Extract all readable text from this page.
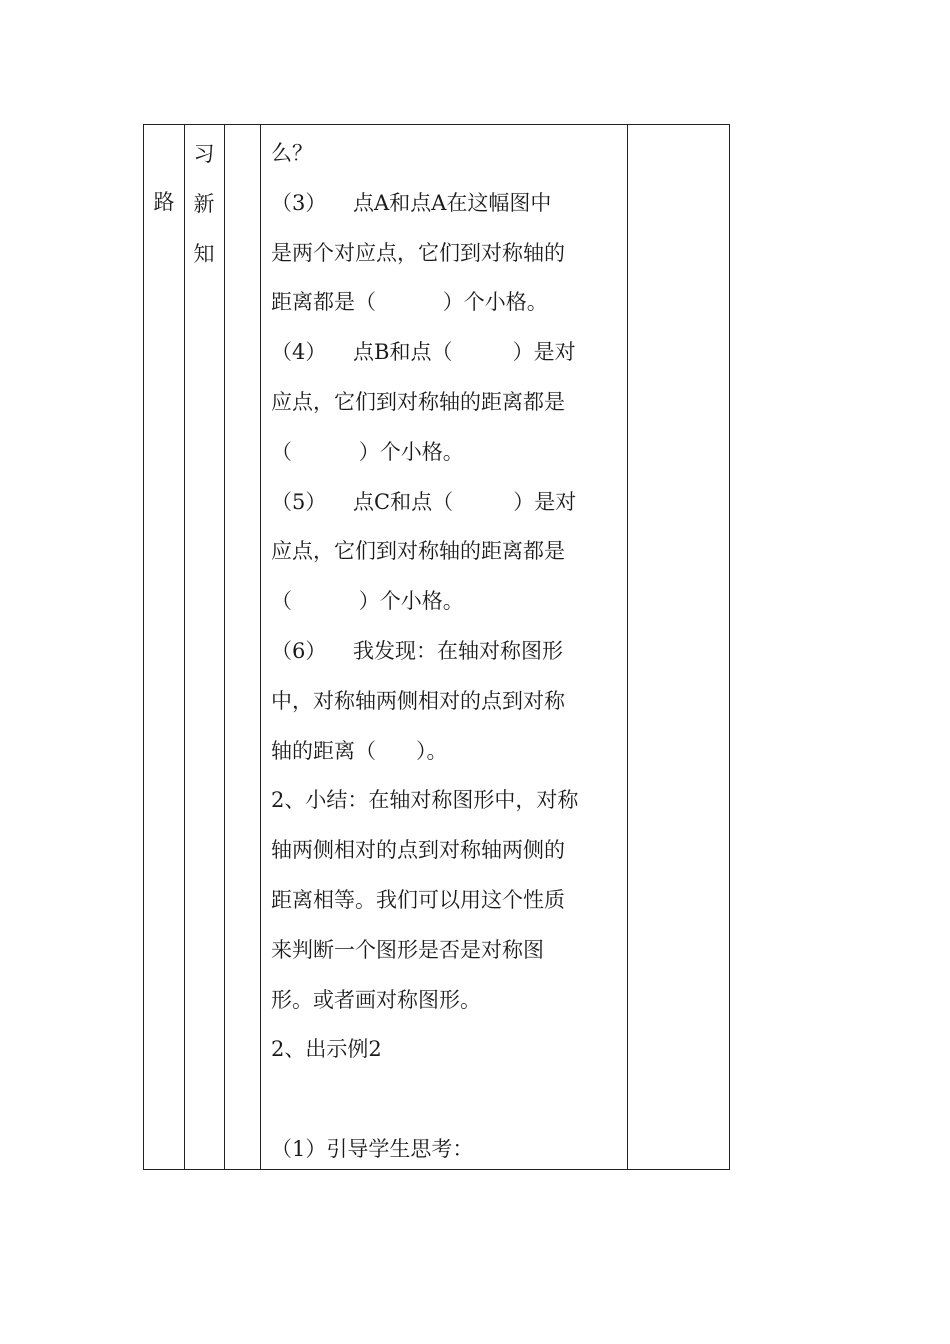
路
习
新
知
么？
（3）    点A和点A在这幅图中
是两个对应点，它们到对称轴的
距离都是（          ）个小格。
（4）    点B和点（         ）是对
应点，它们到对称轴的距离都是
（          ）个小格。
（5）    点C和点（         ）是对
应点，它们到对称轴的距离都是
（          ）个小格。
（6）    我发现：在轴对称图形
中，对称轴两侧相对的点到对称
轴的距离（      ）。
2、小结：在轴对称图形中，对称
轴两侧相对的点到对称轴两侧的
距离相等。我们可以用这个性质
来判断一个图形是否是对称图
形。或者画对称图形。
2、出示例2
（1）引导学生思考：
